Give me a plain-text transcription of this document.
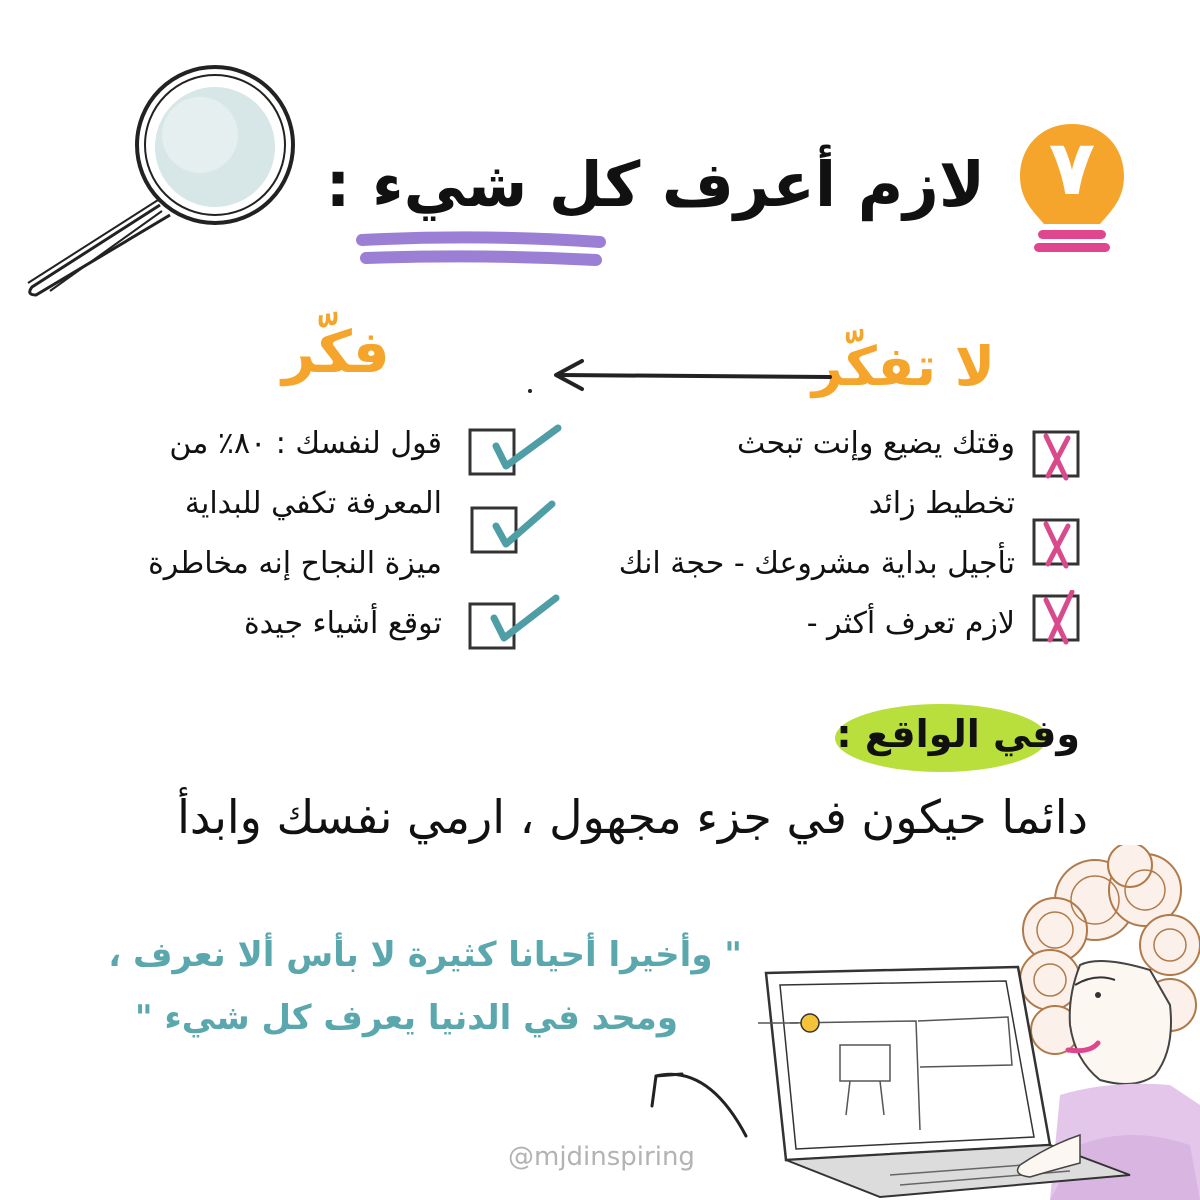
٧
لازم أعرف كل شيء :
لا تفكّر
فكّر
وقتك يضيع وإنت تبحث
تخطيط زائد
تأجيل بداية مشروعك - حجة انك
لازم تعرف أكثر -
قول لنفسك : ٨٠٪ من
المعرفة تكفي للبداية
ميزة النجاح إنه مخاطرة
توقع أشياء جيدة
وفي الواقع :
دائما حيكون في جزء مجهول ، ارمي نفسك وابدأ
" وأخيرا أحيانا كثيرة لا بأس ألا نعرف ،
ومحد في الدنيا يعرف كل شيء "
@mjdinspiring
